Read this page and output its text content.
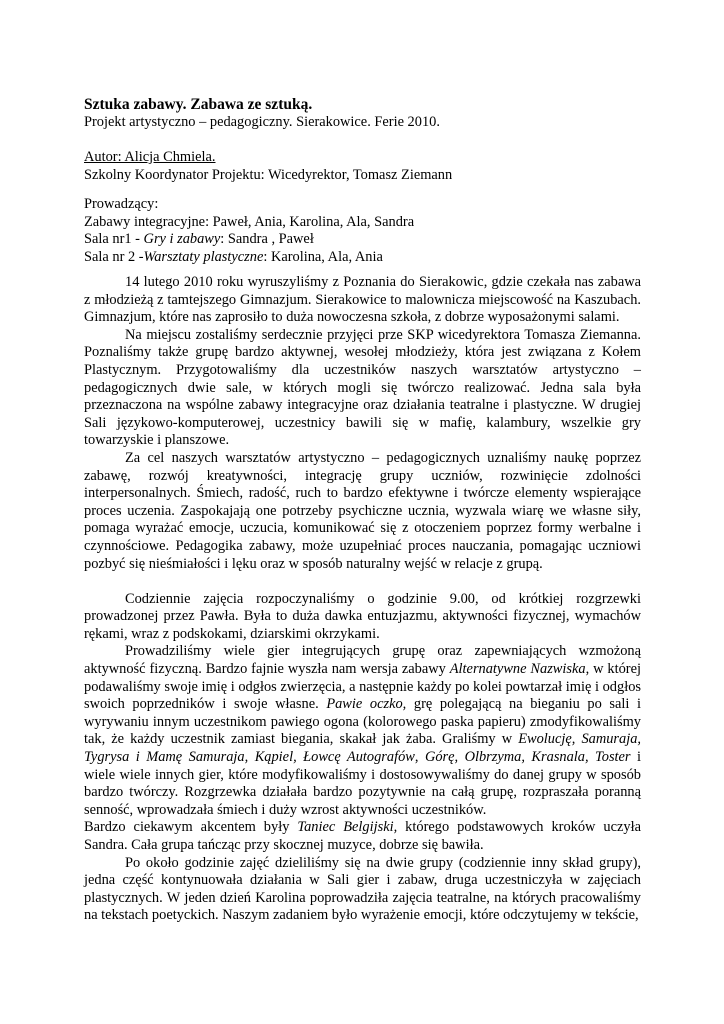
Sztuka zabawy. Zabawa ze sztuką.

Projekt artystyczno – pedagogiczny. Sierakowice. Ferie 2010.

Autor: Alicja Chmiela.

Szkolny Koordynator Projektu: Wicedyrektor, Tomasz Ziemann

Prowadzący:

Zabawy integracyjne: Paweł, Ania, Karolina, Ala, Sandra

Sala nr1 - Gry i zabawy: Sandra , Paweł

Sala nr 2 -Warsztaty plastyczne: Karolina, Ala, Ania

14 lutego 2010 roku wyruszyliśmy z Poznania do Sierakowic, gdzie czekała nas zabawa z młodzieżą z tamtejszego Gimnazjum. Sierakowice to malownicza miejscowość na Kaszubach. Gimnazjum, które nas zaprosiło to duża nowoczesna szkoła, z dobrze wyposażonymi salami.

Na miejscu zostaliśmy serdecznie przyjęci prze SKP wicedyrektora Tomasza Ziemanna. Poznaliśmy także grupę bardzo aktywnej, wesołej młodzieży, która jest związana z Kołem Plastycznym. Przygotowaliśmy dla uczestników naszych warsztatów artystyczno – pedagogicznych dwie sale, w których mogli się twórczo realizować. Jedna sala była przeznaczona na wspólne zabawy integracyjne oraz działania teatralne i plastyczne. W drugiej Sali językowo-komputerowej, uczestnicy bawili się w mafię, kalambury, wszelkie gry towarzyskie i planszowe.

Za cel naszych warsztatów artystyczno – pedagogicznych uznaliśmy naukę poprzez zabawę, rozwój kreatywności, integrację grupy uczniów, rozwinięcie zdolności interpersonalnych. Śmiech, radość, ruch to bardzo efektywne i twórcze elementy wspierające proces uczenia. Zaspokajają one potrzeby psychiczne ucznia, wyzwala wiarę we własne siły, pomaga wyrażać emocje, uczucia, komunikować się z otoczeniem poprzez formy werbalne i czynnościowe. Pedagogika zabawy, może uzupełniać proces nauczania, pomagając uczniowi pozbyć się nieśmiałości i lęku oraz w sposób naturalny wejść w relacje z grupą.

Codziennie zajęcia rozpoczynaliśmy o godzinie 9.00, od krótkiej rozgrzewki prowadzonej przez Pawła. Była to duża dawka entuzjazmu, aktywności fizycznej, wymachów rękami, wraz z podskokami, dziarskimi okrzykami.

Prowadziliśmy wiele gier integrujących grupę oraz zapewniających wzmożoną aktywność fizyczną. Bardzo fajnie wyszła nam wersja zabawy Alternatywne Nazwiska, w której podawaliśmy swoje imię i odgłos zwierzęcia, a następnie każdy po kolei powtarzał imię i odgłos swoich poprzedników i swoje własne. Pawie oczko, grę polegającą na bieganiu po sali i wyrywaniu innym uczestnikom pawiego ogona (kolorowego paska papieru) zmodyfikowaliśmy tak, że każdy uczestnik zamiast biegania, skakał jak żaba. Graliśmy w Ewolucję, Samuraja, Tygrysa i Mamę Samuraja, Kąpiel, Łowcę Autografów, Górę, Olbrzyma, Krasnala, Toster i wiele wiele innych gier, które modyfikowaliśmy i dostosowywaliśmy do danej grupy w sposób bardzo twórczy. Rozgrzewka działała bardzo pozytywnie na całą grupę, rozpraszała poranną senność, wprowadzała śmiech i duży wzrost aktywności uczestników.

Bardzo ciekawym akcentem były Taniec Belgijski, którego podstawowych kroków uczyła Sandra. Cała grupa tańcząc przy skocznej muzyce, dobrze się bawiła.

Po około godzinie zajęć dzieliliśmy się na dwie grupy (codziennie inny skład grupy), jedna część kontynuowała działania w Sali gier i zabaw, druga uczestniczyła w zajęciach plastycznych. W jeden dzień Karolina poprowadziła zajęcia teatralne, na których pracowaliśmy na tekstach poetyckich. Naszym zadaniem było wyrażenie emocji, które odczytujemy w tekście,
